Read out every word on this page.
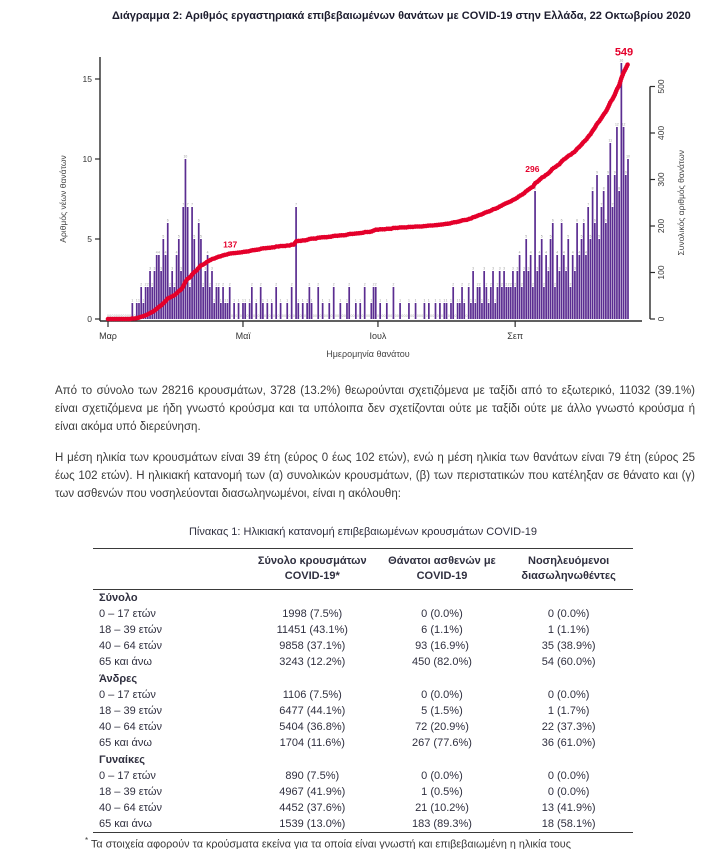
Διάγραμμα 2: Αριθμός εργαστηριακά επιβεβαιωμένων θανάτων με COVID-19 στην Ελλάδα, 22 Οκτωβρίου 2020
0
5
10
15
Αριθμός νέων θανάτων
Μαρ	Μαϊ	Ιουλ	Σεπ
Ημερομηνία θανάτου
0
100
200
300
400
500
Συνολικός αριθμός θανάτων
0 0 0 0 0 0 0 0 0 0 0
1
0
1 1
2
1
2 2
3
2
3
4 4
3
5
4
6
2
3
2
4
5
3
7
10
7
2
7
5
3
6
5
2
3
4
2
3
1
2 2
1
2
1 1
2
0
1
0
1
0
1 1
0
1
2
0
1
0
2
1
0
1
0
1
0
2
0
1
0 0
1
0
2
0
7
1
0
1
0
1
2
1
0 0
2
0
1
0 0
1
0
2
0 0
1
0 0
1
2
0 0
1
0
1
0
2
0 0
1
2 2
0
1
0 0
1
0 0
2
0 0
1
0 0 0
1
0 0
1
0 0 0
1
0
1
0 0
1
0
1
0
1 1
0
1
2
0
1 1
2
1
0
2
1
3
1
2 2
1
3
2
1
2
3
1
2
3
2
3
2 2 2
3
2
3
4
2
3
5
3
4
2
8
3
4
5
2
4
3
5
6
2
4
3
6
4
3
5
2
4
3
6
4
5
6
4
7
5
8
6
9
5
7
8
6
9
11
7
9
12
8
16
12
9
10
137
296
549

Από το σύνολο των 28216 κρουσμάτων, 3728 (13.2%) θεωρούνται σχετιζόμενα με ταξίδι από το εξωτερικό, 11032 (39.1%) είναι σχετιζόμενα με ήδη γνωστό κρούσμα και τα υπόλοιπα δεν σχετίζονται ούτε με ταξίδι ούτε με άλλο γνωστό κρούσμα ή είναι ακόμα υπό διερεύνηση.

Η μέση ηλικία των κρουσμάτων είναι 39 έτη (εύρος 0 έως 102 ετών), ενώ η μέση ηλικία των θανάτων είναι 79 έτη (εύρος 25 έως 102 ετών). Η ηλικιακή κατανομή των (α) συνολικών κρουσμάτων, (β) των περιστατικών που κατέληξαν σε θάνατο και (γ) των ασθενών που νοσηλεύονται διασωληνωμένοι, είναι η ακόλουθη:

Πίνακας 1: Ηλικιακή κατανομή επιβεβαιωμένων κρουσμάτων COVID-19
	Σύνολο κρουσμάτων COVID-19*	Θάνατοι ασθενών με COVID-19	Νοσηλευόμενοι διασωληνωθέντες
Σύνολο			
0 – 17 ετών	1998 (7.5%)	0 (0.0%)	0 (0.0%)
18 – 39 ετών	11451 (43.1%)	6 (1.1%)	1 (1.1%)
40 – 64 ετών	9858 (37.1%)	93 (16.9%)	35 (38.9%)
65 και άνω	3243 (12.2%)	450 (82.0%)	54 (60.0%)
Άνδρες			
0 – 17 ετών	1106 (7.5%)	0 (0.0%)	0 (0.0%)
18 – 39 ετών	6477 (44.1%)	5 (1.5%)	1 (1.7%)
40 – 64 ετών	5404 (36.8%)	72 (20.9%)	22 (37.3%)
65 και άνω	1704 (11.6%)	267 (77.6%)	36 (61.0%)
Γυναίκες			
0 – 17 ετών	890 (7.5%)	0 (0.0%)	0 (0.0%)
18 – 39 ετών	4967 (41.9%)	1 (0.5%)	0 (0.0%)
40 – 64 ετών	4452 (37.6%)	21 (10.2%)	13 (41.9%)
65 και άνω	1539 (13.0%)	183 (89.3%)	18 (58.1%)
* Τα στοιχεία αφορούν τα κρούσματα εκείνα για τα οποία είναι γνωστή και επιβεβαιωμένη η ηλικία τους
